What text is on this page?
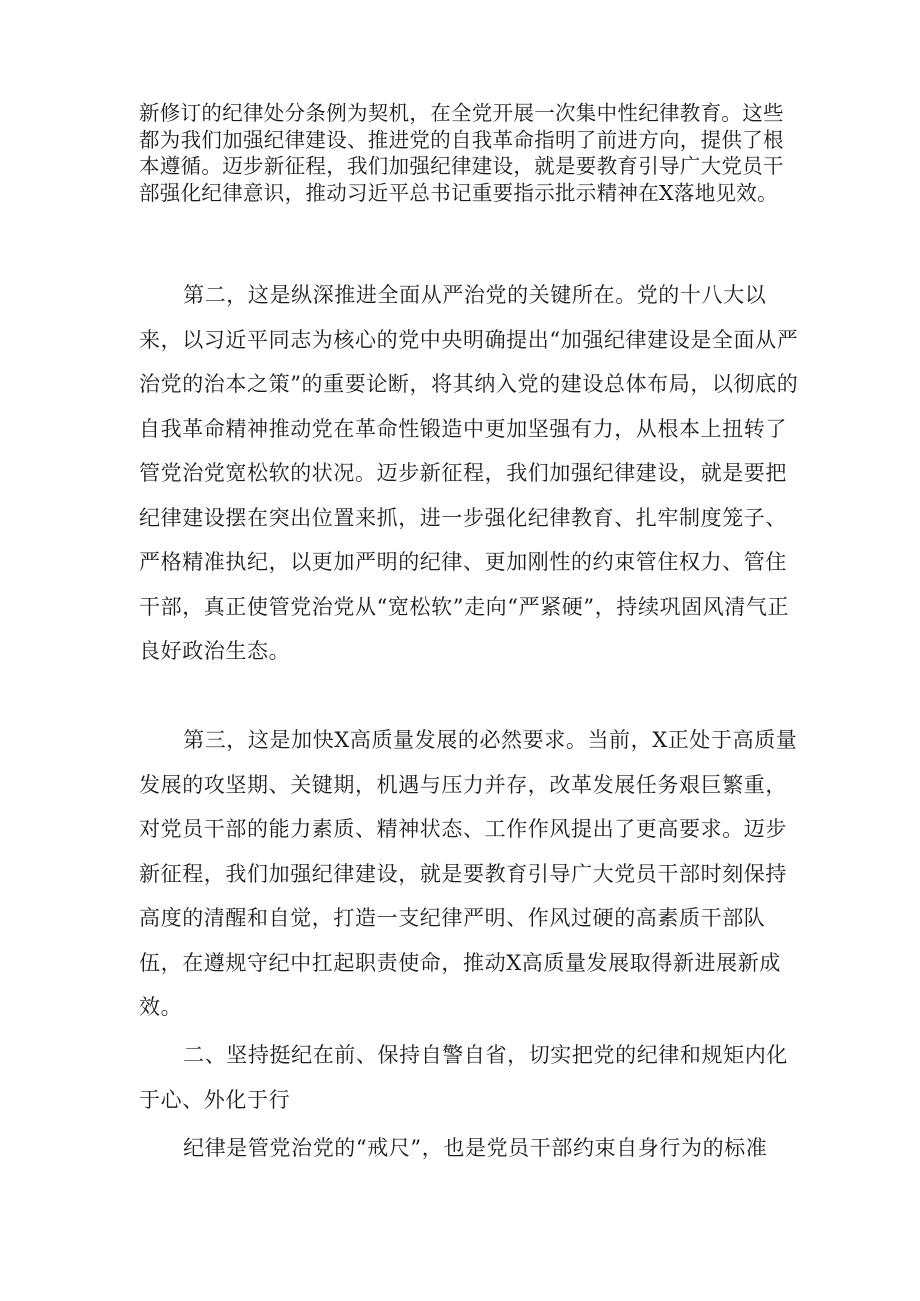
新修订的纪律处分条例为契机，在全党开展一次集中性纪律教育。这些都为我们加强纪律建设、推进党的自我革命指明了前进方向，提供了根本遵循。迈步新征程，我们加强纪律建设，就是要教育引导广大党员干部强化纪律意识，推动习近平总书记重要指示批示精神在X落地见效。

第二，这是纵深推进全面从严治党的关键所在。党的十八大以来，以习近平同志为核心的党中央明确提出“加强纪律建设是全面从严治党的治本之策”的重要论断，将其纳入党的建设总体布局，以彻底的自我革命精神推动党在革命性锻造中更加坚强有力，从根本上扭转了管党治党宽松软的状况。迈步新征程，我们加强纪律建设，就是要把纪律建设摆在突出位置来抓，进一步强化纪律教育、扎牢制度笼子、严格精准执纪，以更加严明的纪律、更加刚性的约束管住权力、管住干部，真正使管党治党从“宽松软”走向“严紧硬”，持续巩固风清气正良好政治生态。

第三，这是加快X高质量发展的必然要求。当前，X正处于高质量发展的攻坚期、关键期，机遇与压力并存，改革发展任务艰巨繁重，对党员干部的能力素质、精神状态、工作作风提出了更高要求。迈步新征程，我们加强纪律建设，就是要教育引导广大党员干部时刻保持高度的清醒和自觉，打造一支纪律严明、作风过硬的高素质干部队伍，在遵规守纪中扛起职责使命，推动X高质量发展取得新进展新成效。

二、坚持挺纪在前、保持自警自省，切实把党的纪律和规矩内化于心、外化于行

纪律是管党治党的“戒尺”，也是党员干部约束自身行为的标准
